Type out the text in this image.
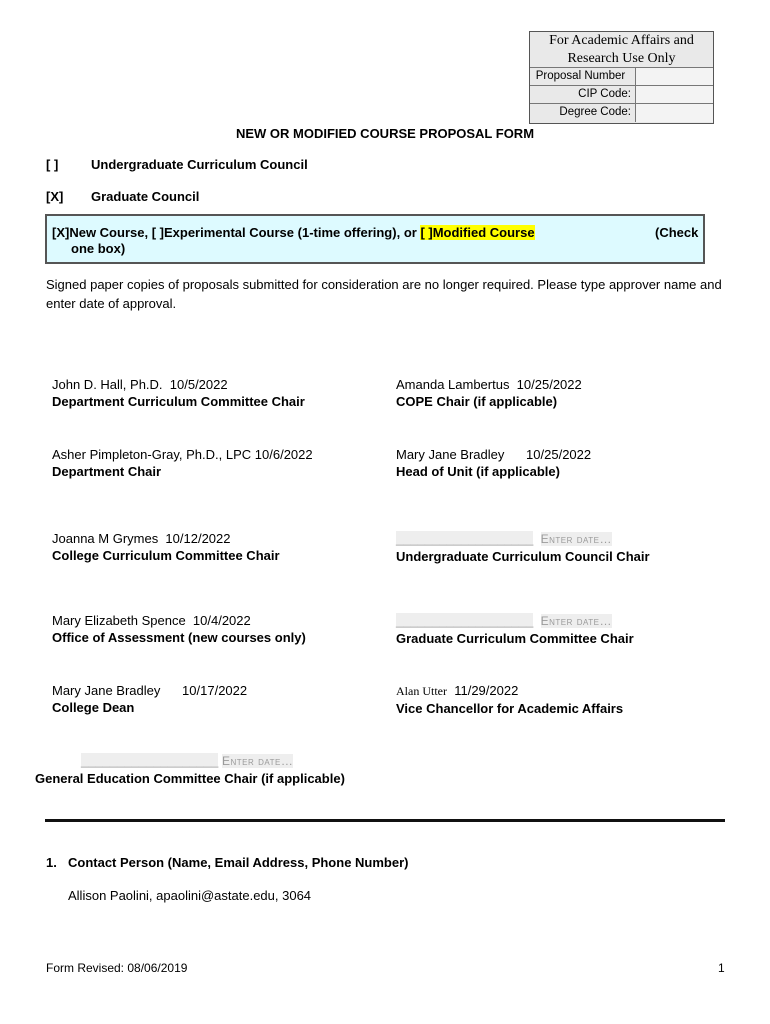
For Academic Affairs and
Research Use Only
Proposal Number
CIP Code:
Degree Code:
NEW OR MODIFIED COURSE PROPOSAL FORM
[ ]	Undergraduate Curriculum Council
[X] Graduate Council
[X]New Course, [ ]Experimental Course (1-time offering), or [ ]Modified Course	(Check
one box)
Signed paper copies of proposals submitted for consideration are no longer required. Please type approver name and enter date of approval.
John D. Hall, Ph.D.  10/5/2022
Department Curriculum Committee Chair
Amanda Lambertus  10/25/2022
COPE Chair (if applicable)
Asher Pimpleton-Gray, Ph.D., LPC 10/6/2022
Department Chair
Mary Jane Bradley      10/25/2022
Head of Unit (if applicable)
Joanna M Grymes  10/12/2022
College Curriculum Committee Chair
___________________ Enter date…
Undergraduate Curriculum Council Chair
Mary Elizabeth Spence  10/4/2022
Office of Assessment (new courses only)
___________________ Enter date…
Graduate Curriculum Committee Chair
Mary Jane Bradley      10/17/2022
College Dean
Alan Utter 11/29/2022
Vice Chancellor for Academic Affairs
___________________ Enter date…
General Education Committee Chair (if applicable)
1. Contact Person (Name, Email Address, Phone Number)
Allison Paolini, apaolini@astate.edu, 3064
Form Revised: 08/06/2019	1
